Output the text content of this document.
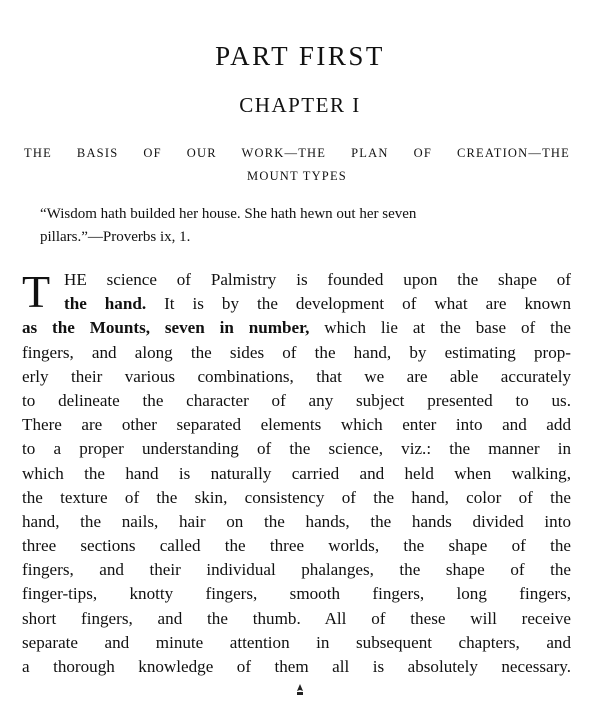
PART FIRST
CHAPTER I
THE BASIS OF OUR WORK—THE PLAN OF CREATION—THE
MOUNT TYPES
“Wisdom hath builded her house. She hath hewn out her seven
pillars.”—Proverbs ix, 1.
T HE science of Palmistry is founded upon the shape of
the hand. It is by the development of what are known
as the Mounts, seven in number, which lie at the base of the
fingers, and along the sides of the hand, by estimating prop-
erly their various combinations, that we are able accurately
to delineate the character of any subject presented to us.
There are other separated elements which enter into and add
to a proper understanding of the science, viz.: the manner in
which the hand is naturally carried and held when walking,
the texture of the skin, consistency of the hand, color of the
hand, the nails, hair on the hands, the hands divided into
three sections called the three worlds, the shape of the
fingers, and their individual phalanges, the shape of the
finger-tips, knotty fingers, smooth fingers, long fingers,
short fingers, and the thumb. All of these will receive
separate and minute attention in subsequent chapters, and
a thorough knowledge of them all is absolutely necessary.
